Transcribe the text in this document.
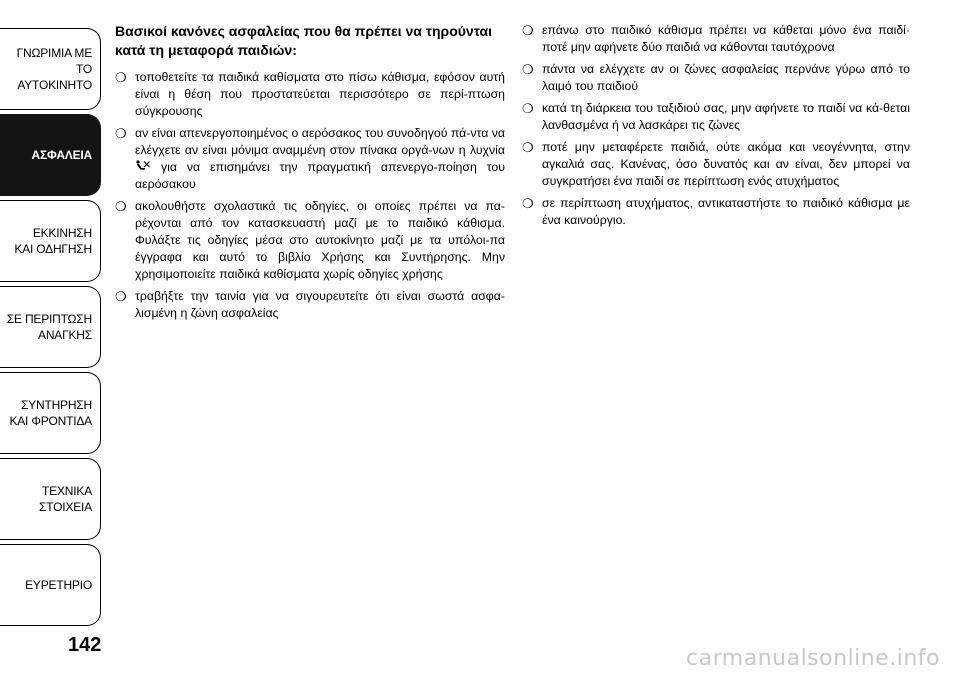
ΓΝΩΡΙΜΙΑ ΜΕ ΤΟ
ΑΥΤΟΚΙΝΗΤΟ
ΑΣΦΑΛΕΙΑ
ΕΚΚΙΝΗΣΗ
ΚΑΙ ΟΔΗΓΗΣΗ
ΣΕ ΠΕΡΙΠΤΩΣΗ
ΑΝΑΓΚΗΣ
ΣΥΝΤΗΡΗΣΗ
ΚΑΙ ΦΡΟΝΤΙΔΑ
ΤΕΧΝΙΚΑ
ΣΤΟΙΧΕΙΑ
ΕΥΡΕΤΗΡΙΟ
142
Βασικοί κανόνες ασφαλείας που θα πρέπει να τηρούνται κατά τη μεταφορά παιδιών:
❍ τοποθετείτε τα παιδικά καθίσματα στο πίσω κάθισμα, εφόσον αυτή είναι η θέση που προστατεύεται περισσότερο σε περί-πτωση σύγκρουσης
❍ αν είναι απενεργοποιημένος ο αερόσακος του συνοδηγού πά-ντα να ελέγχετε αν είναι μόνιμα αναμμένη στον πίνακα οργά-νων η λυχνία  για να επισημάνει την πραγματική απενεργο-ποίηση του αερόσακου
❍ ακολουθήστε σχολαστικά τις οδηγίες, οι οποίες πρέπει να πα-ρέχονται από τον κατασκευαστή μαζί με το παιδικό κάθισμα. Φυλάξτε τις οδηγίες μέσα στο αυτοκίνητο μαζί με τα υπόλοι-πα έγγραφα και αυτό το βιβλίο Χρήσης και Συντήρησης. Μην χρησιμοποιείτε παιδικά καθίσματα χωρίς οδηγίες χρήσης
❍ τραβήξτε την ταινία για να σιγουρευτείτε ότι είναι σωστά ασφα-λισμένη η ζώνη ασφαλείας
❍ επάνω στο παιδικό κάθισμα πρέπει να κάθεται μόνο ένα παιδί· ποτέ μην αφήνετε δύο παιδιά να κάθονται ταυτόχρονα
❍ πάντα να ελέγχετε αν οι ζώνες ασφαλείας περνάνε γύρω από το λαιμό του παιδιού
❍ κατά τη διάρκεια του ταξιδιού σας, μην αφήνετε το παιδί να κά-θεται λανθασμένα ή να λασκάρει τις ζώνες
❍ ποτέ μην μεταφέρετε παιδιά, ούτε ακόμα και νεογέννητα, στην αγκαλιά σας. Κανένας, όσο δυνατός και αν είναι, δεν μπορεί να συγκρατήσει ένα παιδί σε περίπτωση ενός ατυχήματος
❍ σε περίπτωση ατυχήματος, αντικαταστήστε το παιδικό κάθισμα με ένα καινούργιο.
carmanualsonline.info
